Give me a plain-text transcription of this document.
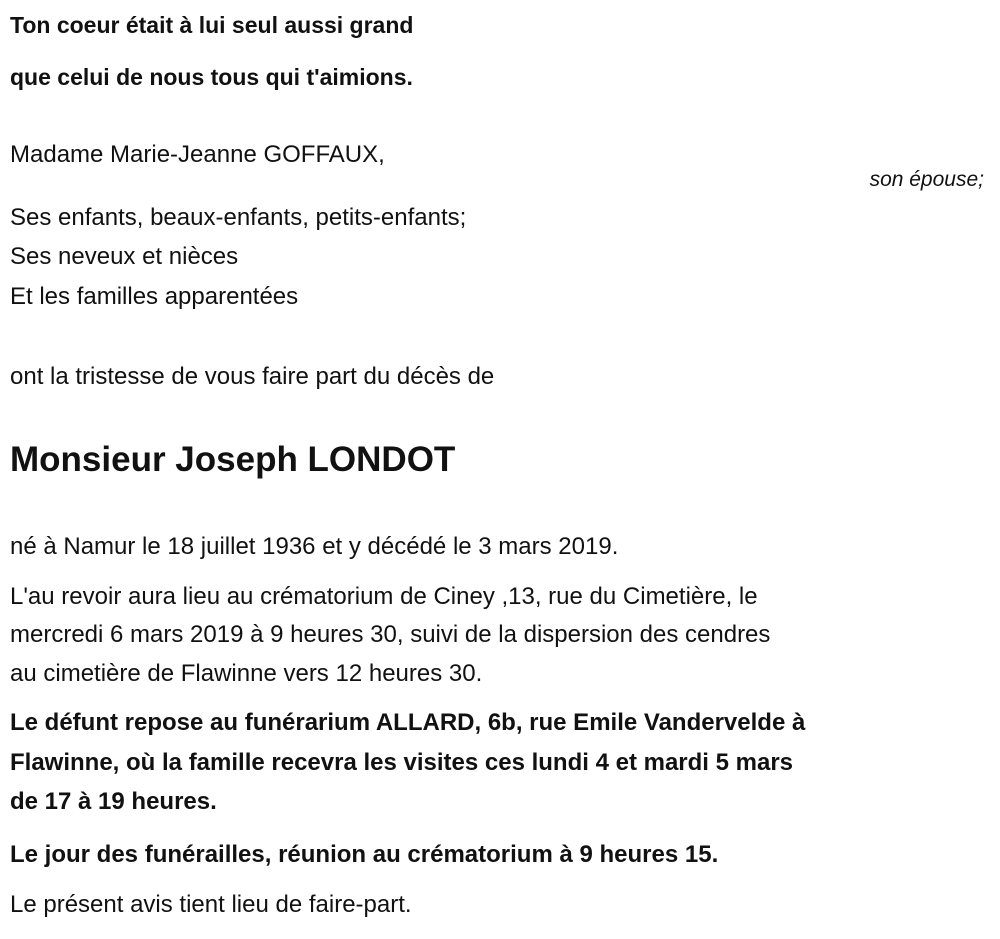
Ton coeur était à lui seul aussi grand
que celui de nous tous qui t'aimions.
Madame Marie-Jeanne GOFFAUX,
son épouse;
Ses enfants, beaux-enfants, petits-enfants;
Ses neveux et nièces
Et les familles apparentées
ont la tristesse de vous faire part du décès de
Monsieur Joseph LONDOT
né à Namur le 18 juillet 1936 et y décédé le 3 mars 2019.
L'au revoir aura lieu au crématorium de Ciney ,13, rue du Cimetière, le
mercredi 6 mars 2019 à 9 heures 30, suivi de la dispersion des cendres
au cimetière de Flawinne vers 12 heures 30.
Le défunt repose au funérarium ALLARD, 6b, rue Emile Vandervelde à
Flawinne, où la famille recevra les visites ces lundi 4 et mardi 5 mars
de 17 à 19 heures.
Le jour des funérailles, réunion au crématorium à 9 heures 15.
Le présent avis tient lieu de faire-part.
